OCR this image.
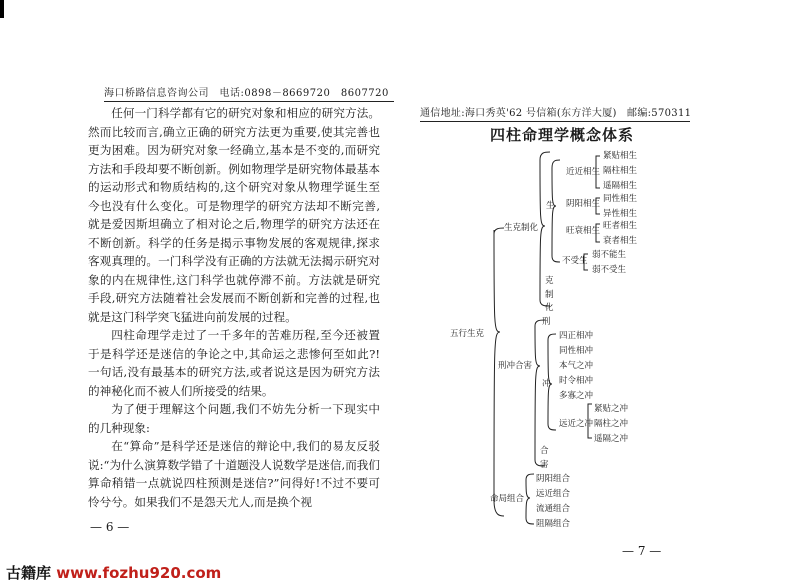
海口桥路信息咨询公司　电话:0898－8669720　8607720

任何一门科学都有它的研究对象和相应的研究方法。然而比较而言,确立正确的研究方法更为重要,使其完善也更为困难。因为研究对象一经确立,基本是不变的,而研究方法和手段却要不断创新。例如物理学是研究物体最基本的运动形式和物质结构的,这个研究对象从物理学诞生至今也没有什么变化。可是物理学的研究方法却不断完善,就是爱因斯坦确立了相对论之后,物理学的研究方法还在不断创新。科学的任务是揭示事物发展的客观规律,探求客观真理的。一门科学没有正确的方法就无法揭示研究对象的内在规律性,这门科学也就停滞不前。方法就是研究手段,研究方法随着社会发展而不断创新和完善的过程,也就是这门科学突飞猛进向前发展的过程。

四柱命理学走过了一千多年的苦难历程,至今还被置于是科学还是迷信的争论之中,其命运之悲惨何至如此?!一句话,没有最基本的研究方法,或者说这是因为研究方法的神秘化而不被人们所接受的结果。

为了便于理解这个问题,我们不妨先分析一下现实中的几种现象:

在“算命”是科学还是迷信的辩论中,我们的易友反驳说:“为什么演算数学错了十道题没人说数学是迷信,而我们算命稍错一点就说四柱预测是迷信?”问得好!不过不要可怜兮兮。如果我们不是怨天尤人,而是换个视

通信地址:海口秀英'62 号信箱(东方洋大厦)　邮编:570311
四柱命理学概念体系
五行生克
生克制化
生
近近相生
紧贴相生
隔柱相生
遥隔相生
阴阳相生 同性相生
异性相生
旺衰相生 旺者相生
衰者相生
不受生
弱不能生
弱不受生
克
制
化
刑冲合害
刑
冲
四正相冲
同性相冲
本气之冲
时令相冲
多寡之冲
远近之冲
紧贴之冲
隔柱之冲
遥隔之冲
合
害
命局组合
阴阳组合
远近组合
流通组合
阻隔组合
— 6 —
— 7 —
古籍库 www.fozhu920.com
